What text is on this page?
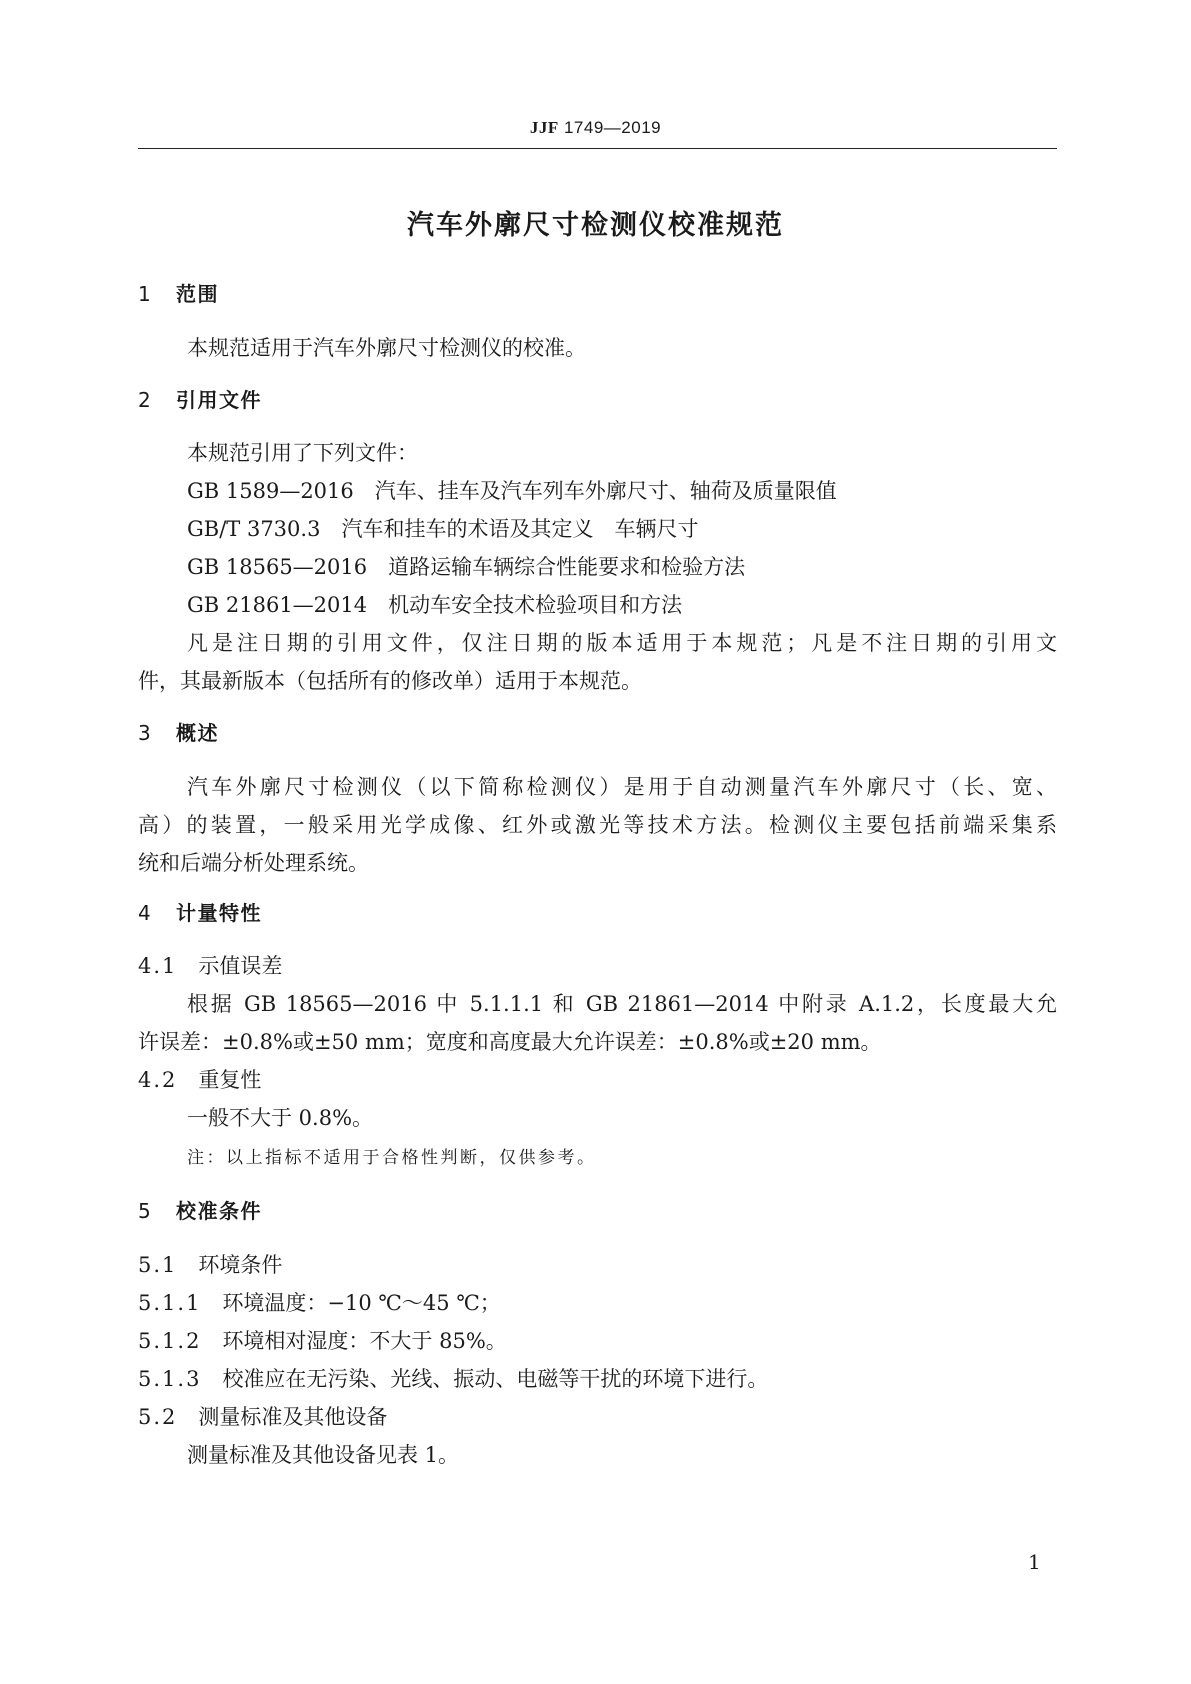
JJF 1749—2019
汽车外廓尺寸检测仪校准规范
1 范围
本规范适用于汽车外廓尺寸检测仪的校准。
2 引用文件
本规范引用了下列文件：
GB 1589—2016　汽车、挂车及汽车列车外廓尺寸、轴荷及质量限值
GB/T 3730.3　汽车和挂车的术语及其定义　车辆尺寸
GB 18565—2016　道路运输车辆综合性能要求和检验方法
GB 21861—2014　机动车安全技术检验项目和方法
凡是注日期的引用文件，仅注日期的版本适用于本规范；凡是不注日期的引用文
件，其最新版本（包括所有的修改单）适用于本规范。
3 概述
汽车外廓尺寸检测仪（以下简称检测仪）是用于自动测量汽车外廓尺寸（长、宽、
高）的装置，一般采用光学成像、红外或激光等技术方法。检测仪主要包括前端采集系
统和后端分析处理系统。
4 计量特性
4.1　 示值误差
根据 GB 18565—2016 中 5.1.1.1 和 GB 21861—2014 中附录 A.1.2，长度最大允
许误差：±0.8%或±50 mm；宽度和高度最大允许误差：±0.8%或±20 mm。
4.2　 重复性
一般不大于 0.8%。
注：以上指标不适用于合格性判断，仅供参考。
5 校准条件
5.1　 环境条件
5.1.1　 环境温度：−10 ℃～45 ℃；
5.1.2　 环境相对湿度：不大于 85%。
5.1.3　 校准应在无污染、光线、振动、电磁等干扰的环境下进行。
5.2　 测量标准及其他设备
测量标准及其他设备见表 1。
1
